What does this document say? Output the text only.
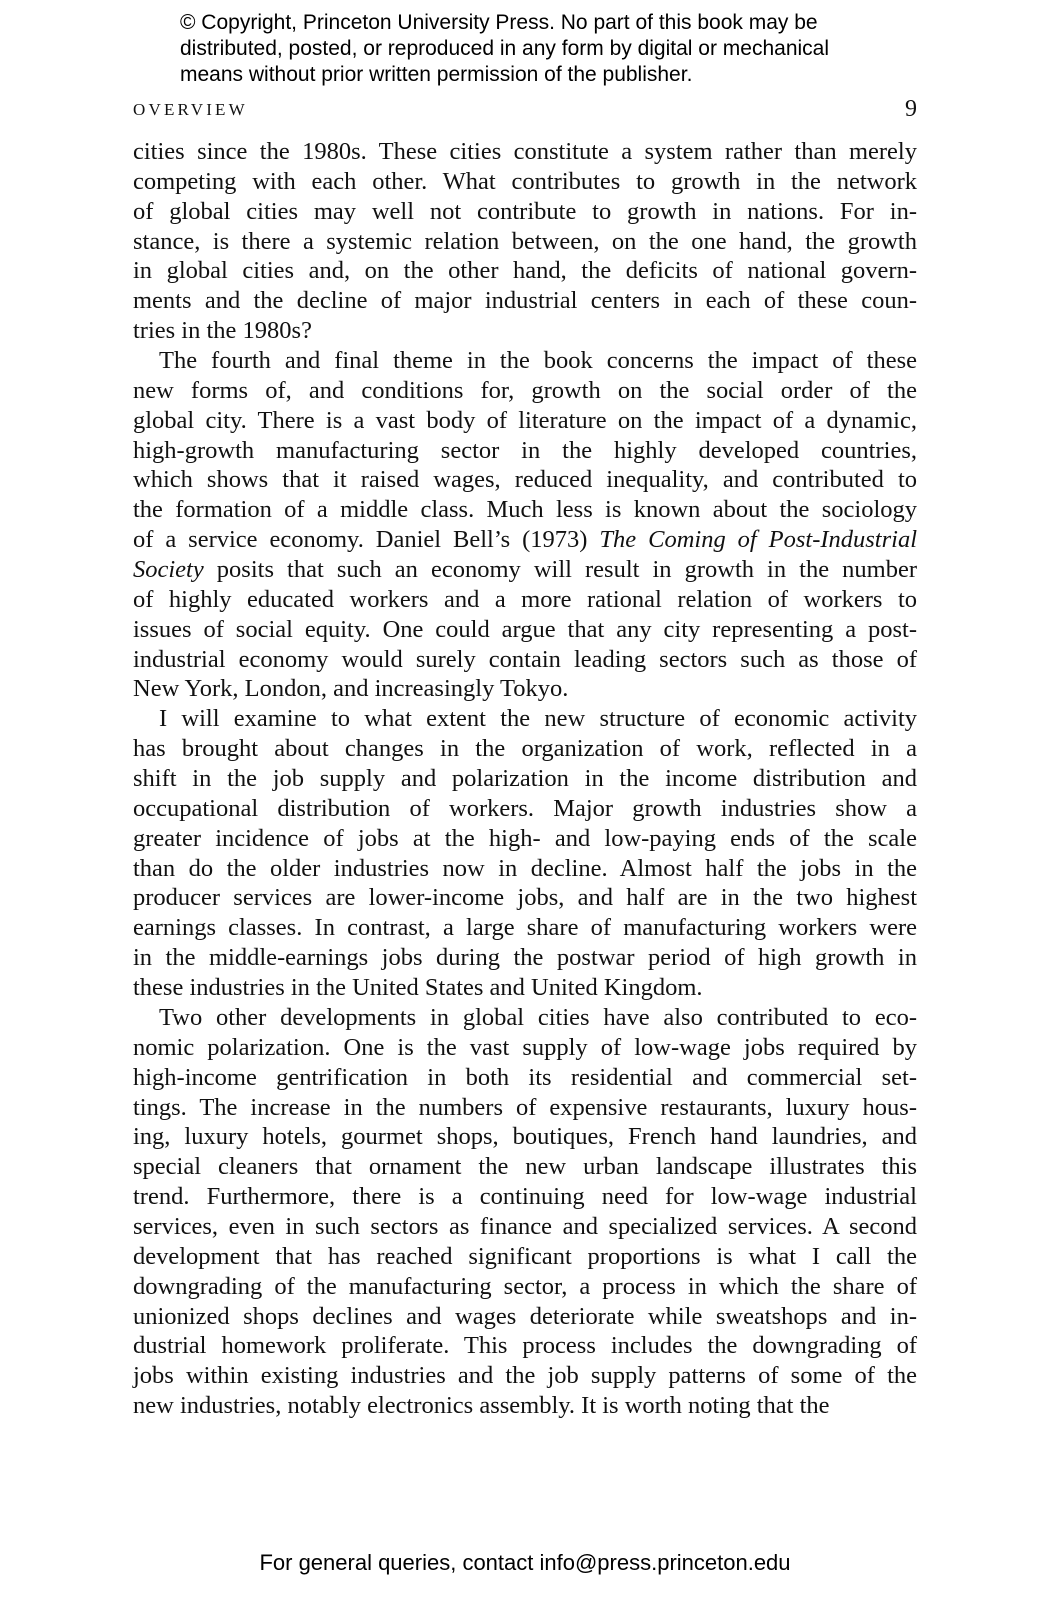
© Copyright, Princeton University Press. No part of this book may be
distributed, posted, or reproduced in any form by digital or mechanical
means without prior written permission of the publisher.
OVERVIEW	9
cities since the 1980s. These cities constitute a system rather than merely
competing with each other. What contributes to growth in the network
of global cities may well not contribute to growth in nations. For in-
stance, is there a systemic relation between, on the one hand, the growth
in global cities and, on the other hand, the deficits of national govern-
ments and the decline of major industrial centers in each of these coun-
tries in the 1980s?
The fourth and final theme in the book concerns the impact of these
new forms of, and conditions for, growth on the social order of the
global city. There is a vast body of literature on the impact of a dynamic,
high-growth manufacturing sector in the highly developed countries,
which shows that it raised wages, reduced inequality, and contributed to
the formation of a middle class. Much less is known about the sociology
of a service economy. Daniel Bell’s (1973) The Coming of Post-Industrial
Society posits that such an economy will result in growth in the number
of highly educated workers and a more rational relation of workers to
issues of social equity. One could argue that any city representing a post-
industrial economy would surely contain leading sectors such as those of
New York, London, and increasingly Tokyo.
I will examine to what extent the new structure of economic activity
has brought about changes in the organization of work, reflected in a
shift in the job supply and polarization in the income distribution and
occupational distribution of workers. Major growth industries show a
greater incidence of jobs at the high- and low-paying ends of the scale
than do the older industries now in decline. Almost half the jobs in the
producer services are lower-income jobs, and half are in the two highest
earnings classes. In contrast, a large share of manufacturing workers were
in the middle-earnings jobs during the postwar period of high growth in
these industries in the United States and United Kingdom.
Two other developments in global cities have also contributed to eco-
nomic polarization. One is the vast supply of low-wage jobs required by
high-income gentrification in both its residential and commercial set-
tings. The increase in the numbers of expensive restaurants, luxury hous-
ing, luxury hotels, gourmet shops, boutiques, French hand laundries, and
special cleaners that ornament the new urban landscape illustrates this
trend. Furthermore, there is a continuing need for low-wage industrial
services, even in such sectors as finance and specialized services. A second
development that has reached significant proportions is what I call the
downgrading of the manufacturing sector, a process in which the share of
unionized shops declines and wages deteriorate while sweatshops and in-
dustrial homework proliferate. This process includes the downgrading of
jobs within existing industries and the job supply patterns of some of the
new industries, notably electronics assembly. It is worth noting that the
For general queries, contact info@press.princeton.edu
